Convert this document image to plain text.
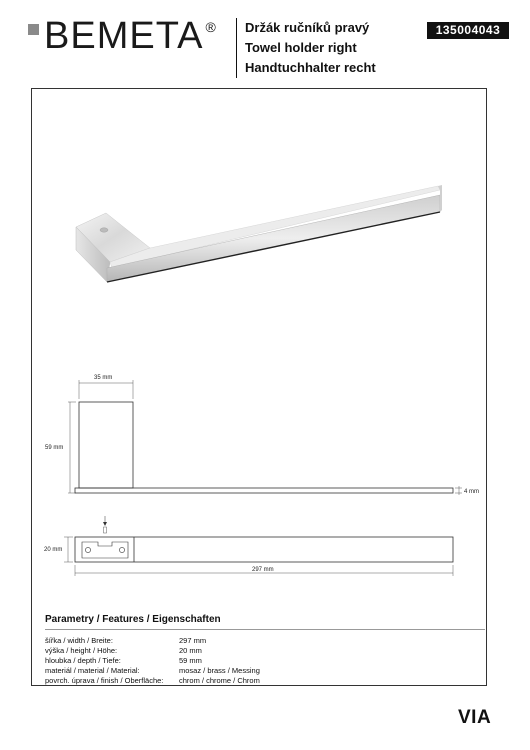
BEMETA ® Držák ručníků pravý
Towel holder right
Handtuchhalter recht
135004043
35 mm
59 mm
4 mm
20 mm
297 mm
Parametry / Features / Eigenschaften
šířka / width / Breite:	297 mm
výška / height / Höhe:	20 mm
hloubka / depth / Tiefe:	59 mm
materiál / material / Material:	mosaz / brass / Messing
povrch. úprava / finish / Oberfläche:	chrom / chrome / Chrom
VIA
